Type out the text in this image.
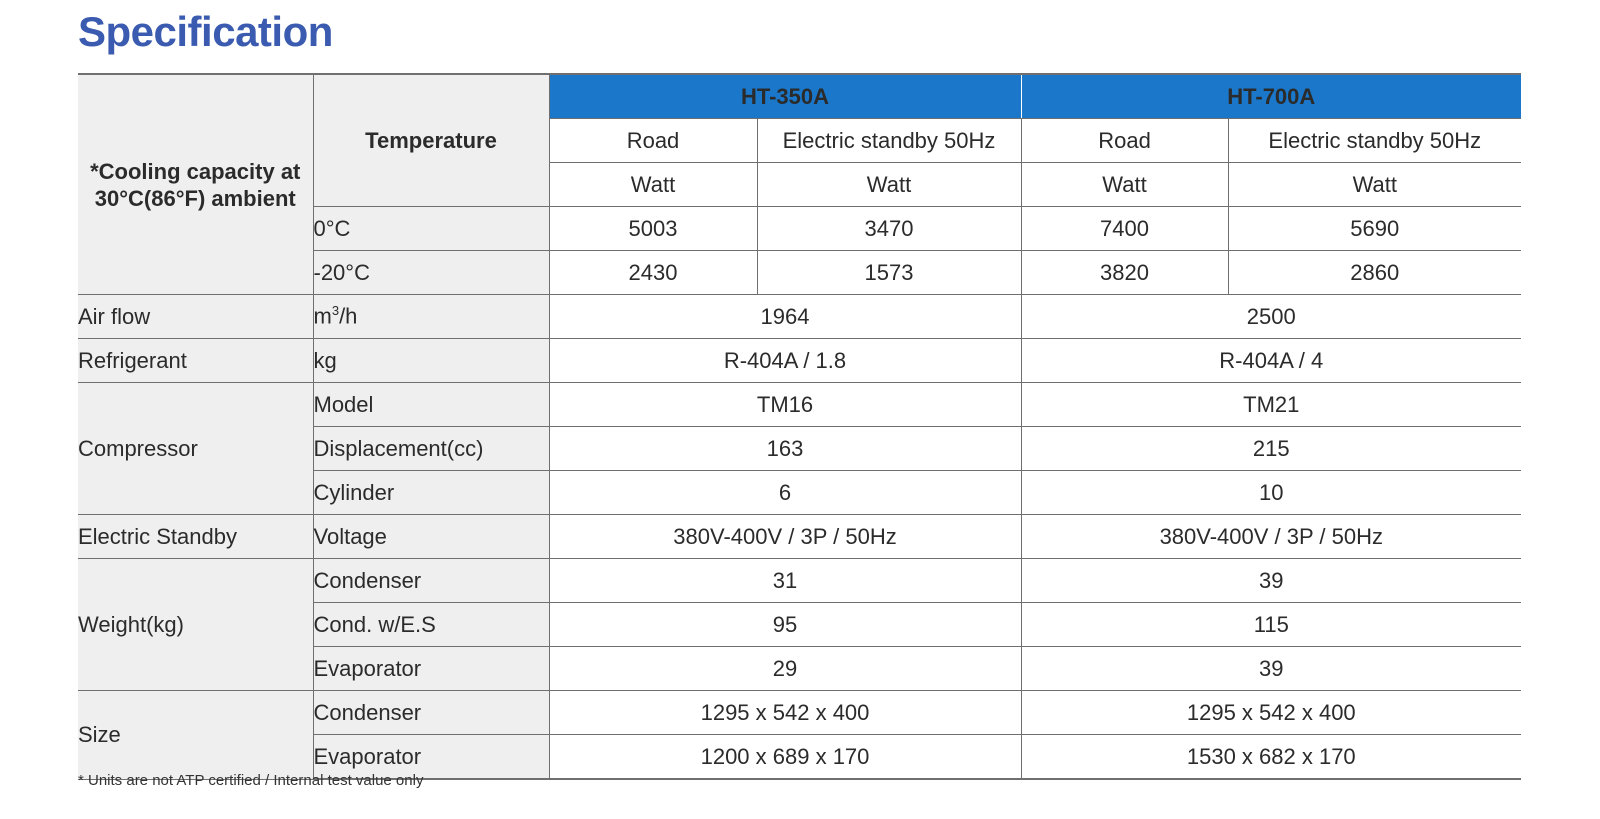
Specification
*Cooling capacity at 30°C(86°F) ambient	Temperature	HT-350A		HT-700A	
		Road	Electric standby 50Hz	Road	Electric standby 50Hz
		Watt	Watt	Watt	Watt
	0°C	5003	3470	7400	5690
	-20°C	2430	1573	3820	2860
Air flow	$m^3/h$	1964		2500	
Refrigerant	kg	R-404A / 1.8		R-404A / 4	
Compressor	Model	TM16		TM21	
	Displacement(cc)	163		215	
	Cylinder	6		10	
Electric Standby	Voltage	380V-400V / 3P / 50Hz		380V-400V / 3P / 50Hz	
Weight(kg)	Condenser	31		39	
	Cond. w/E.S	95		115	
	Evaporator	29		39	
Size	Condenser	1295 x 542 x 400		1295 x 542 x 400	
	Evaporator	1200 x 689 x 170		1530 x 682 x 170	
* Units are not ATP certified / Internal test value only
